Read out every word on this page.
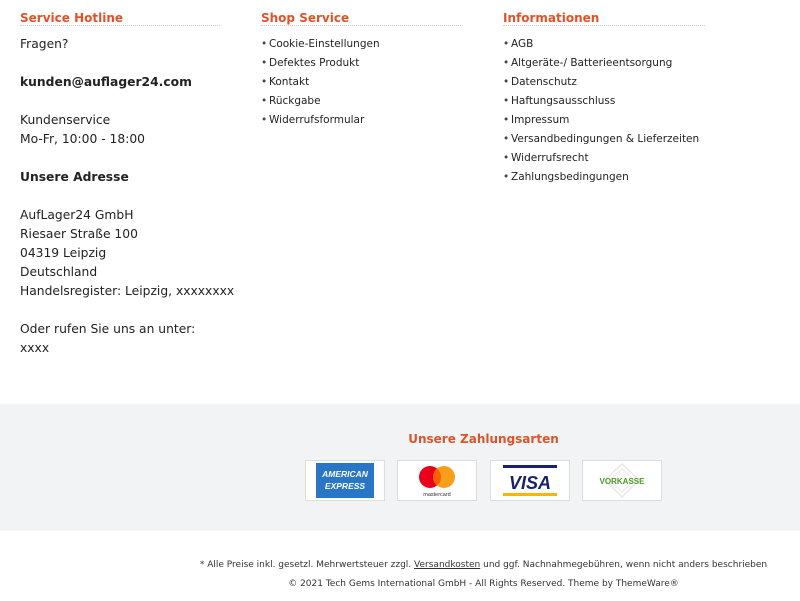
Service Hotline
Fragen?
kunden@auflager24.com
Kundenservice
Mo-Fr, 10:00 - 18:00
Unsere Adresse
AufLager24 GmbH
Riesaer Straße 100
04319 Leipzig
Deutschland
Handelsregister: Leipzig, xxxxxxxx
Oder rufen Sie uns an unter:
xxxx
Shop Service
• Cookie-Einstellungen
• Defektes Produkt
• Kontakt
• Rückgabe
• Widerrufsformular
Informationen
• AGB
• Altgeräte-/ Batterieentsorgung
• Datenschutz
• Haftungsausschluss
• Impressum
• Versandbedingungen & Lieferzeiten
• Widerrufsrecht
• Zahlungsbedingungen
Unsere Zahlungsarten
AMERICAN
EXPRESS
mastercard
VISA	VORKASSE
* Alle Preise inkl. gesetzl. Mehrwertsteuer zzgl. Versandkosten und ggf. Nachnahmegebühren, wenn nicht anders beschrieben
© 2021 Tech Gems International GmbH - All Rights Reserved. Theme by ThemeWare®
